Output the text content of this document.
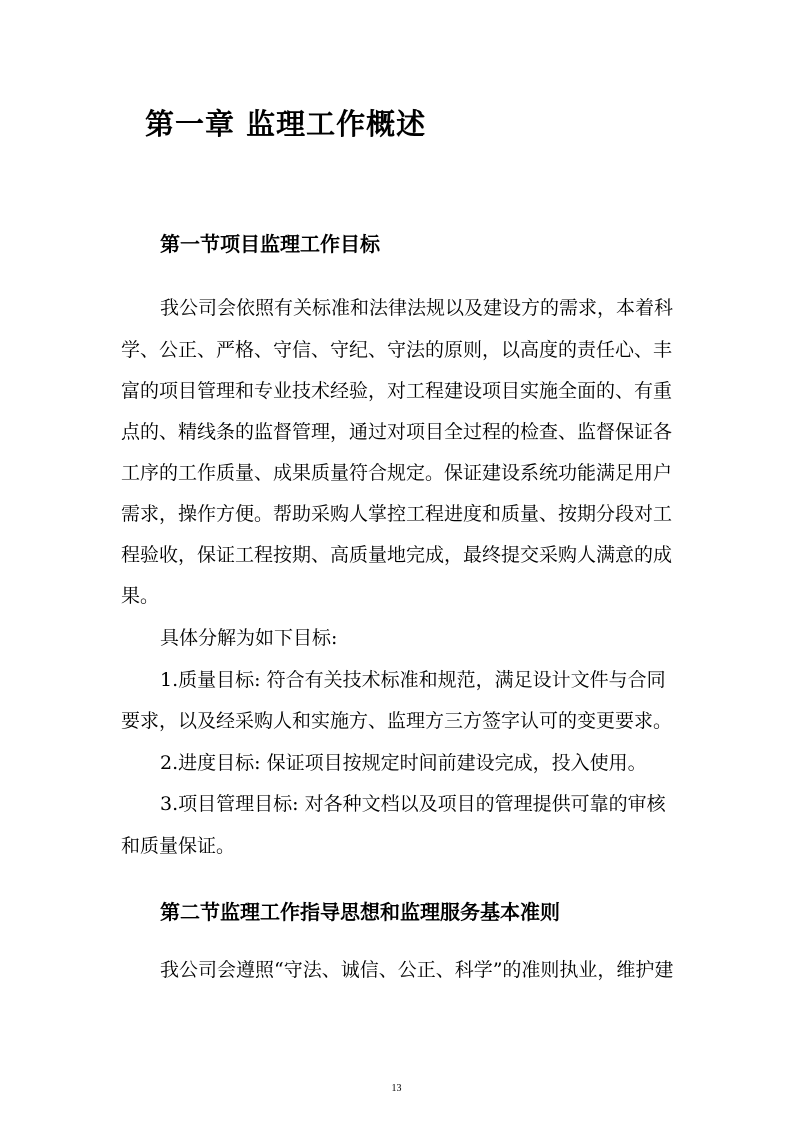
第一章 监理工作概述
第一节项目监理工作目标
我公司会依照有关标准和法律法规以及建设方的需求，本着科
学、公正、严格、守信、守纪、守法的原则，以高度的责任心、丰
富的项目管理和专业技术经验，对工程建设项目实施全面的、有重
点的、精线条的监督管理，通过对项目全过程的检查、监督保证各
工序的工作质量、成果质量符合规定。保证建设系统功能满足用户
需求，操作方便。帮助采购人掌控工程进度和质量、按期分段对工
程验收，保证工程按期、高质量地完成，最终提交采购人满意的成
果。
具体分解为如下目标:
1.质量目标: 符合有关技术标准和规范，满足设计文件与合同
要求，以及经采购人和实施方、监理方三方签字认可的变更要求。
2.进度目标: 保证项目按规定时间前建设完成，投入使用。
3.项目管理目标: 对各种文档以及项目的管理提供可靠的审核
和质量保证。
第二节监理工作指导思想和监理服务基本准则
我公司会遵照“守法、诚信、公正、科学”的准则执业，维护建
13
